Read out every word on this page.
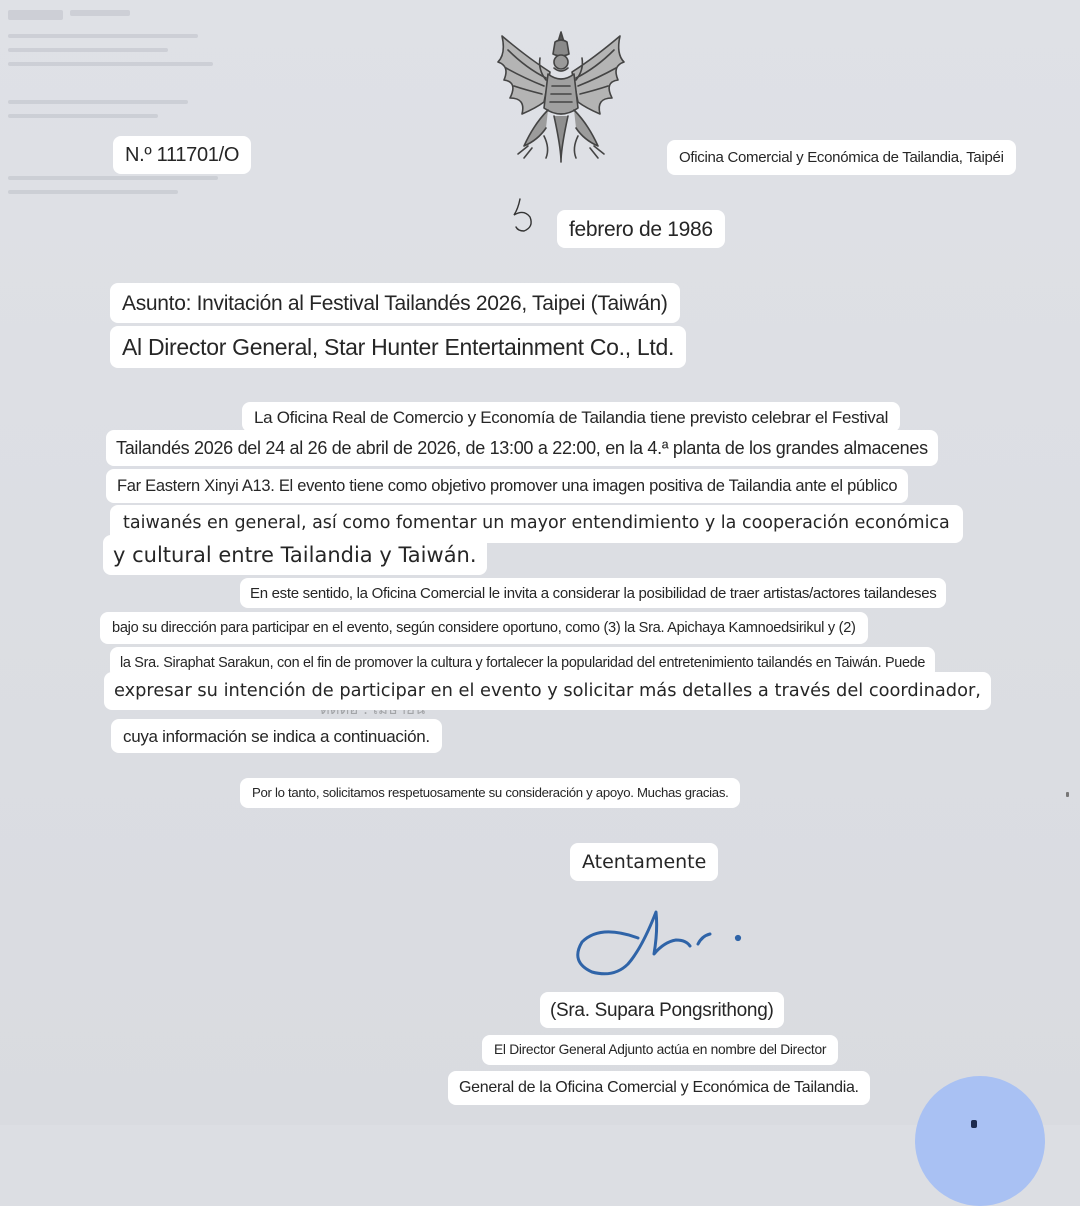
N.º 111701/O	Oficina Comercial y Económica de Tailandia, Taipéi
febrero de 1986
Asunto: Invitación al Festival Tailandés 2026, Taipei (Taiwán)
Al Director General, Star Hunter Entertainment Co., Ltd.
La Oficina Real de Comercio y Economía de Tailandia tiene previsto celebrar el Festival
Tailandés 2026 del 24 al 26 de abril de 2026, de 13:00 a 22:00, en la 4.ª planta de los grandes almacenes
Far Eastern Xinyi A13. El evento tiene como objetivo promover una imagen positiva de Tailandia ante el público
taiwanés en general, así como fomentar un mayor entendimiento y la cooperación económica
y cultural entre Tailandia y Taiwán.
En este sentido, la Oficina Comercial le invita a considerar la posibilidad de traer artistas/actores tailandeses
bajo su dirección para participar en el evento, según considere oportuno, como (3) la Sra. Apichaya Kamnoedsirikul y (2)
la Sra. Siraphat Sarakun, con el fin de promover la cultura y fortalecer la popularidad del entretenimiento tailandés en Taiwán. Puede
expresar su intención de participar en el evento y solicitar más detalles a través del coordinador,
cuya información se indica a continuación.
Por lo tanto, solicitamos respetuosamente su consideración y apoyo. Muchas gracias.
Atentamente
(Sra. Supara Pongsrithong)
El Director General Adjunto actúa en nombre del Director
General de la Oficina Comercial y Económica de Tailandia.
